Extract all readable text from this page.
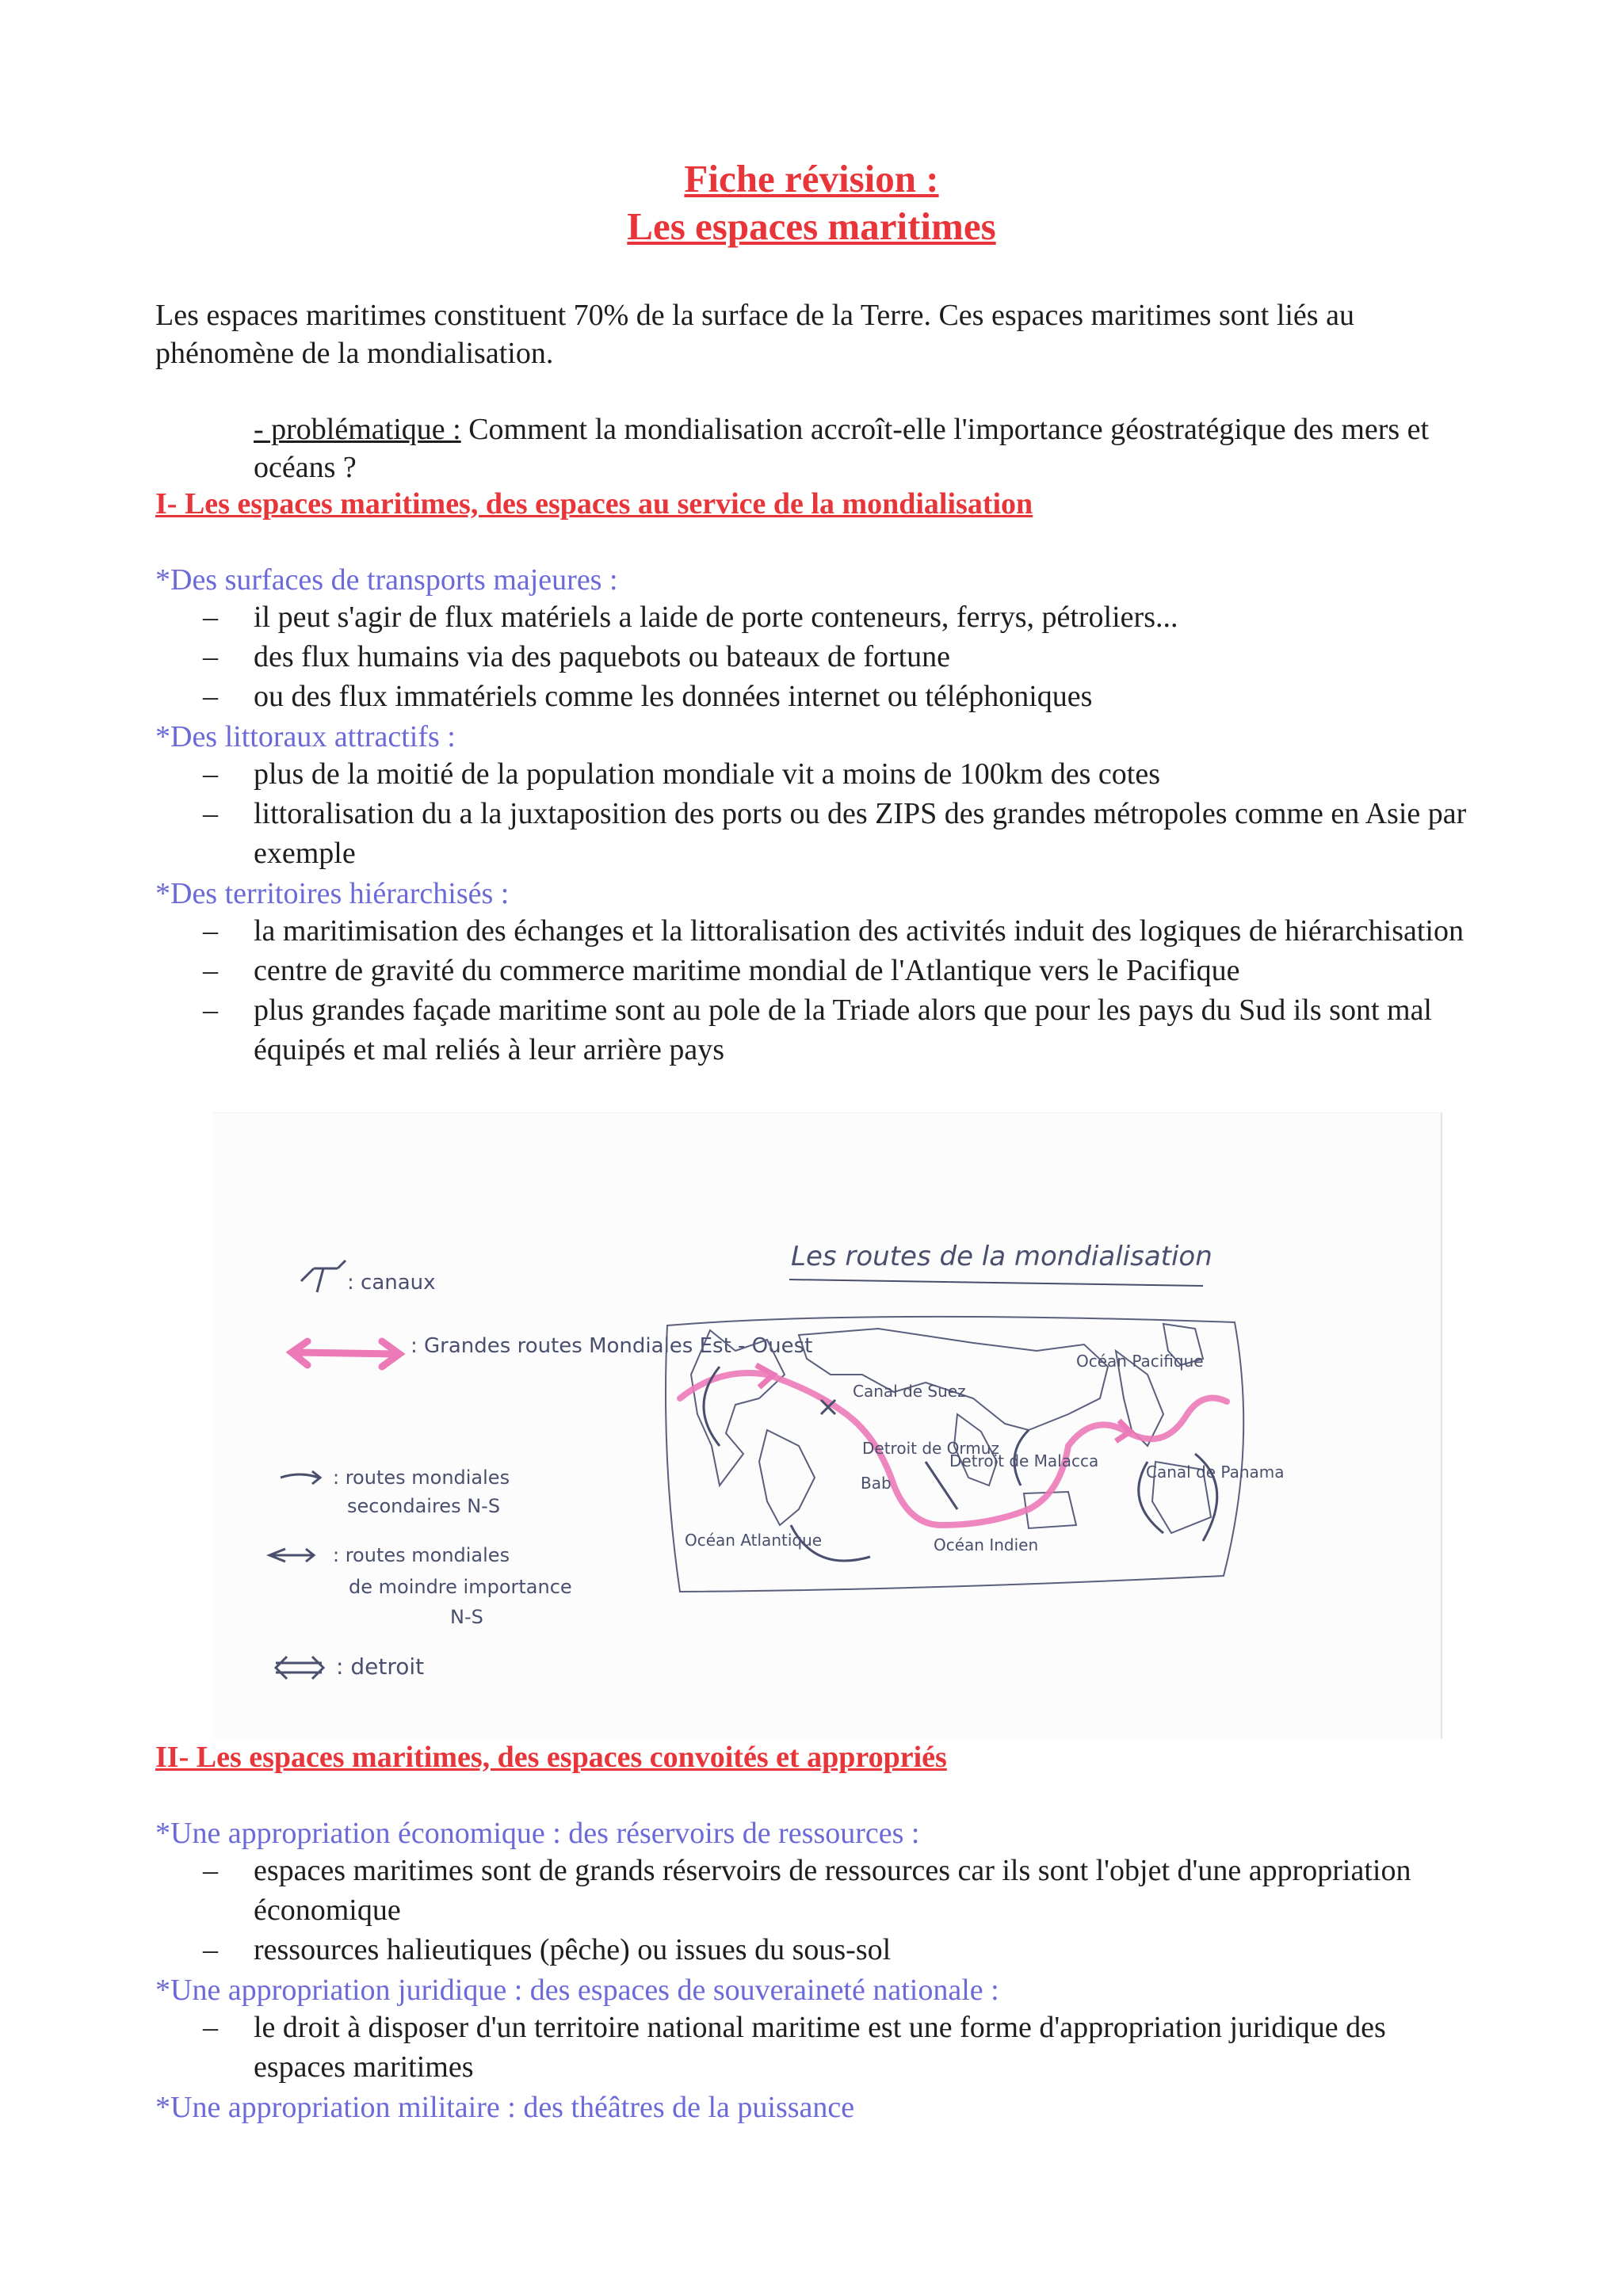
Fiche révision :
Les espaces maritimes

Les espaces maritimes constituent 70% de la surface de la Terre. Ces espaces maritimes sont liés au phénomène de la mondialisation.

- problématique : Comment la mondialisation accroît-elle l'importance géostratégique des mers et océans ?

I- Les espaces maritimes, des espaces au service de la mondialisation

*Des surfaces de transports majeures :

– il peut s'agir de flux matériels a laide de porte conteneurs, ferrys, pétroliers...
– des flux humains via des paquebots ou bateaux de fortune
– ou des flux immatériels comme les données internet ou téléphoniques

*Des littoraux attractifs :

– plus de la moitié de la population mondiale vit a moins de 100km des cotes
– littoralisation du a la juxtaposition des ports ou des ZIPS des grandes métropoles comme en Asie par exemple

*Des territoires hiérarchisés :

– la maritimisation des échanges et la littoralisation des activités induit des logiques de hiérarchisation
– centre de gravité du commerce maritime mondial de l'Atlantique vers le Pacifique
– plus grandes façade maritime sont au pole de la Triade alors que pour les pays du Sud ils sont mal équipés et mal reliés à leur arrière pays
Les routes de la mondialisation
: canaux
: Grandes routes Mondiales Est - Ouest
: routes mondiales
secondaires N-S
: routes mondiales
de moindre importance
N-S
: detroit
Canal de Suez
Océan Pacifique
Detroit de Ormuz
Detroit de Malacca
Bab
Canal de Panama
Océan Atlantique	Océan Indien
II- Les espaces maritimes, des espaces convoités et appropriés

*Une appropriation économique : des réservoirs de ressources :

– espaces maritimes sont de grands réservoirs de ressources car ils sont l'objet d'une appropriation économique
– ressources halieutiques (pêche) ou issues du sous-sol

*Une appropriation juridique : des espaces de souveraineté nationale :

– le droit à disposer d'un territoire national maritime est une forme d'appropriation juridique des espaces maritimes

*Une appropriation militaire : des théâtres de la puissance
